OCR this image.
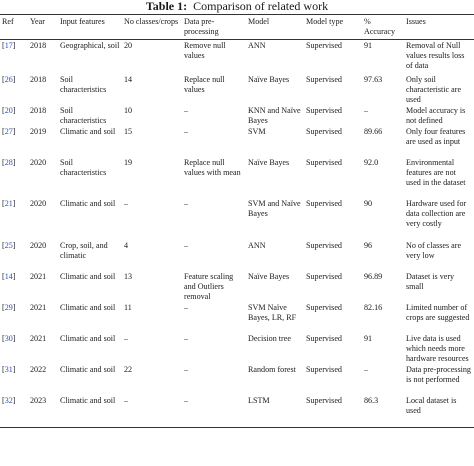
Table 1: Comparison of related work
Ref	Year	Input features	No classes/crops	Data pre-processing	Model	Model type	% Accuracy	Issues
[17]	2018	Geographical, soil	20	Remove null values	ANN	Supervised	91	Removal of Null values results loss of data
[26]	2018	Soil characteristics	14	Replace null values	Naïve Bayes	Supervised	97.63	Only soil characteristic are used
[20]	2018	Soil characteristics	10	–	KNN and Naïve Bayes	Supervised	–	Model accuracy is not defined
[27]	2019	Climatic and soil	15	–	SVM	Supervised	89.66	Only four features are used as input
[28]	2020	Soil characteristics	19	Replace null values with mean	Naïve Bayes	Supervised	92.0	Environmental features are not used in the dataset
[21]	2020	Climatic and soil	–	–	SVM and Naïve Bayes	Supervised	90	Hardware used for data collection are very costly
[25]	2020	Crop, soil, and climatic	4	–	ANN	Supervised	96	No of classes are very low
[14]	2021	Climatic and soil	13	Feature scaling and Outliers removal	Naïve Bayes	Supervised	96.89	Dataset is very small
[29]	2021	Climatic and soil	11	–	SVM Naïve Bayes, LR, RF	Supervised	82.16	Limited number of crops are suggested
[30]	2021	Climatic and soil	–	–	Decision tree	Supervised	91	Live data is used which needs more hardware resources
[31]	2022	Climatic and soil	22	–	Random forest	Supervised	–	Data pre-processing is not performed
[32]	2023	Climatic and soil	–	–	LSTM	Supervised	86.3	Local dataset is used
